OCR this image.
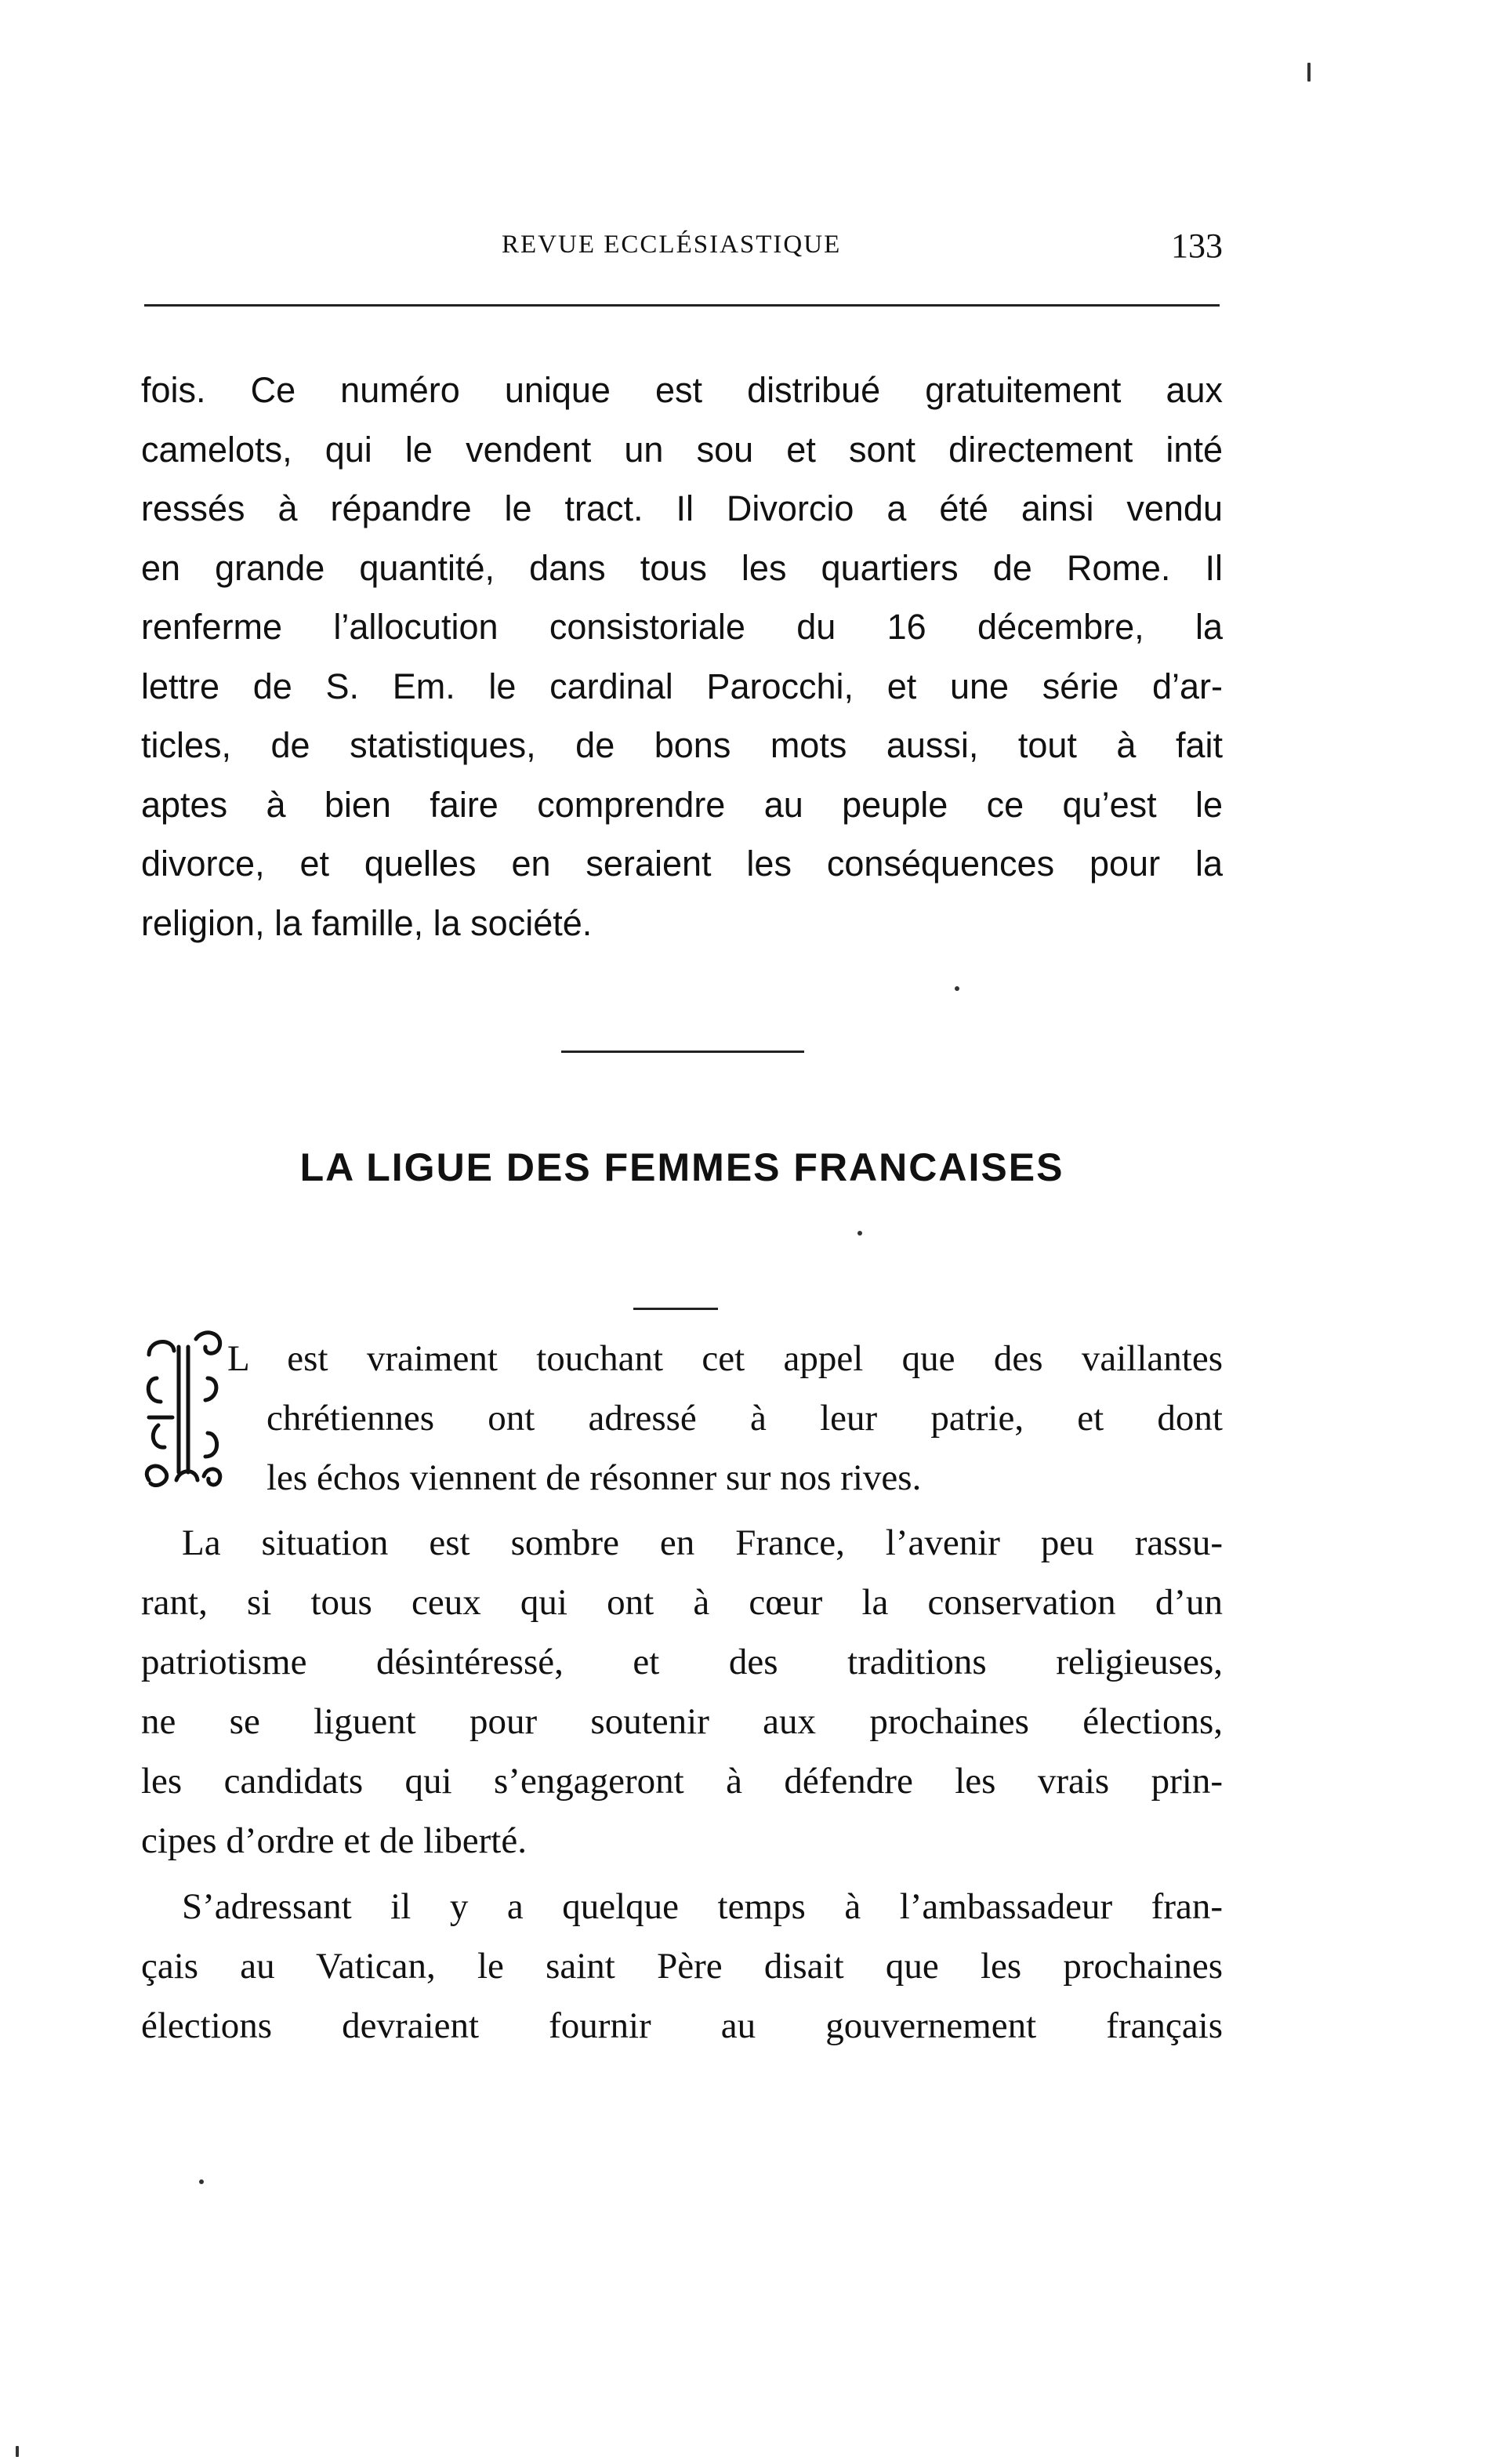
REVUE ECCLÉSIASTIQUE	133
fois. Ce numéro unique est distribué gratuitement aux
camelots, qui le vendent un sou et sont directement inté
ressés à répandre le tract. Il Divorcio a été ainsi vendu
en grande quantité, dans tous les quartiers de Rome. Il
renferme l’allocution consistoriale du 16 décembre, la
lettre de S. Em. le cardinal Parocchi, et une série d’ar-
ticles, de statistiques, de bons mots aussi, tout à fait
aptes à bien faire comprendre au peuple ce qu’est le
divorce, et quelles en seraient les conséquences pour la
religion, la famille, la société.
LA LIGUE DES FEMMES FRANCAISES
L est vraiment touchant cet appel que des vaillantes
chrétiennes ont adressé à leur patrie, et dont
les échos viennent de résonner sur nos rives.
La situation est sombre en France, l’avenir peu rassu-
rant, si tous ceux qui ont à cœur la conservation d’un
patriotisme désintéressé, et des traditions religieuses,
ne se liguent pour soutenir aux prochaines élections,
les candidats qui s’engageront à défendre les vrais prin-
cipes d’ordre et de liberté.
S’adressant il y a quelque temps à l’ambassadeur fran-
çais au Vatican, le saint Père disait que les prochaines
élections devraient fournir au gouvernement français
